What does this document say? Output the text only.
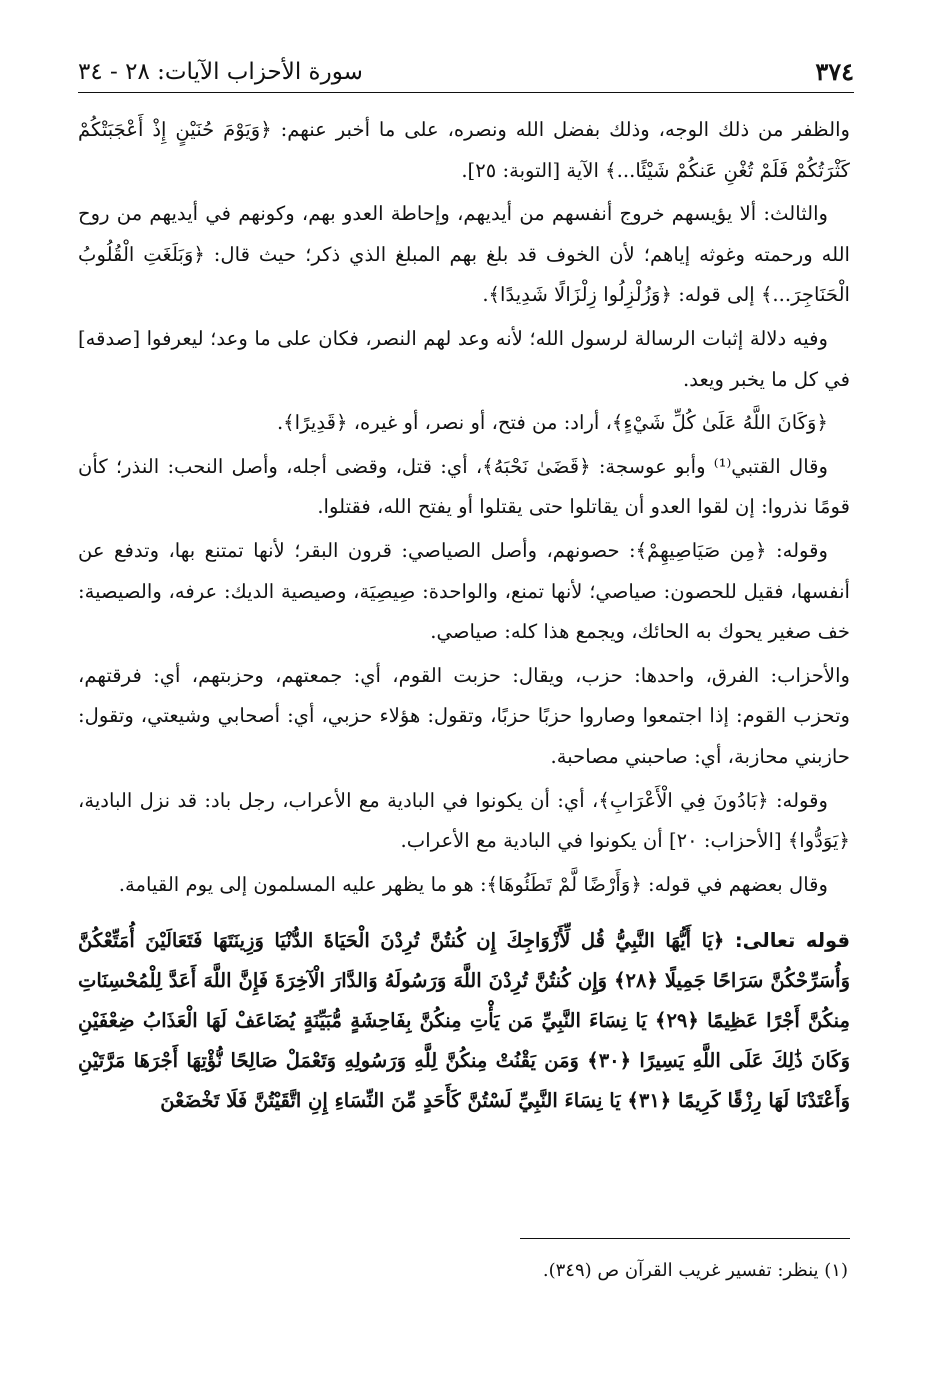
٣٧٤
سورة الأحزاب الآيات: ٢٨ - ٣٤

والظفر من ذلك الوجه، وذلك بفضل الله ونصره، على ما أخبر عنهم: ﴿وَيَوْمَ حُنَيْنٍ إِذْ أَعْجَبَتْكُمْ كَثْرَتُكُمْ فَلَمْ تُغْنِ عَنكُمْ شَيْئًا...﴾ الآية [التوبة: ٢٥].

والثالث: ألا يؤيسهم خروج أنفسهم من أيديهم، وإحاطة العدو بهم، وكونهم في أيديهم من روح الله ورحمته وغوثه إياهم؛ لأن الخوف قد بلغ بهم المبلغ الذي ذكر؛ حيث قال: ﴿وَبَلَغَتِ الْقُلُوبُ الْحَنَاجِرَ...﴾ إلى قوله: ﴿وَزُلْزِلُوا زِلْزَالًا شَدِيدًا﴾.

وفيه دلالة إثبات الرسالة لرسول الله؛ لأنه وعد لهم النصر، فكان على ما وعد؛ ليعرفوا [صدقه] في كل ما يخبر ويعد.

﴿وَكَانَ اللَّهُ عَلَىٰ كُلِّ شَيْءٍ﴾، أراد: من فتح، أو نصر، أو غيره، ﴿قَدِيرًا﴾.

وقال القتبي⁽¹⁾ وأبو عوسجة: ﴿قَضَىٰ نَحْبَهُ﴾، أي: قتل، وقضى أجله، وأصل النحب: النذر؛ كأن قومًا نذروا: إن لقوا العدو أن يقاتلوا حتى يقتلوا أو يفتح الله، فقتلوا.

وقوله: ﴿مِن صَيَاصِيهِمْ﴾: حصونهم، وأصل الصياصي: قرون البقر؛ لأنها تمتنع بها، وتدفع عن أنفسها، فقيل للحصون: صياصي؛ لأنها تمنع، والواحدة: صِيصِيَة، وصيصية الديك: عرفه، والصيصية: خف صغير يحوك به الحائك، ويجمع هذا كله: صياصي.

والأحزاب: الفرق، واحدها: حزب، ويقال: حزبت القوم، أي: جمعتهم، وحزبتهم، أي: فرقتهم، وتحزب القوم: إذا اجتمعوا وصاروا حزبًا حزبًا، وتقول: هؤلاء حزبي، أي: أصحابي وشيعتي، وتقول: حازبني محازبة، أي: صاحبني مصاحبة.

وقوله: ﴿بَادُونَ فِي الْأَعْرَابِ﴾، أي: أن يكونوا في البادية مع الأعراب، رجل باد: قد نزل البادية، ﴿يَوَدُّوا﴾ [الأحزاب: ٢٠] أن يكونوا في البادية مع الأعراب.

وقال بعضهم في قوله: ﴿وَأَرْضًا لَّمْ تَطَئُوهَا﴾: هو ما يظهر عليه المسلمون إلى يوم القيامة.

قوله تعالى: ﴿يَا أَيُّهَا النَّبِيُّ قُل لِّأَزْوَاجِكَ إِن كُنتُنَّ تُرِدْنَ الْحَيَاةَ الدُّنْيَا وَزِينَتَهَا فَتَعَالَيْنَ أُمَتِّعْكُنَّ وَأُسَرِّحْكُنَّ سَرَاحًا جَمِيلًا ﴿٢٨﴾ وَإِن كُنتُنَّ تُرِدْنَ اللَّهَ وَرَسُولَهُ وَالدَّارَ الْآخِرَةَ فَإِنَّ اللَّهَ أَعَدَّ لِلْمُحْسِنَاتِ مِنكُنَّ أَجْرًا عَظِيمًا ﴿٢٩﴾ يَا نِسَاءَ النَّبِيِّ مَن يَأْتِ مِنكُنَّ بِفَاحِشَةٍ مُّبَيِّنَةٍ يُضَاعَفْ لَهَا الْعَذَابُ ضِعْفَيْنِ وَكَانَ ذَٰلِكَ عَلَى اللَّهِ يَسِيرًا ﴿٣٠﴾ وَمَن يَقْنُتْ مِنكُنَّ لِلَّهِ وَرَسُولِهِ وَتَعْمَلْ صَالِحًا نُّؤْتِهَا أَجْرَهَا مَرَّتَيْنِ وَأَعْتَدْنَا لَهَا رِزْقًا كَرِيمًا ﴿٣١﴾ يَا نِسَاءَ النَّبِيِّ لَسْتُنَّ كَأَحَدٍ مِّنَ النِّسَاءِ إِنِ اتَّقَيْتُنَّ فَلَا تَخْضَعْنَ
(١) ينظر: تفسير غريب القرآن ص (٣٤٩).
